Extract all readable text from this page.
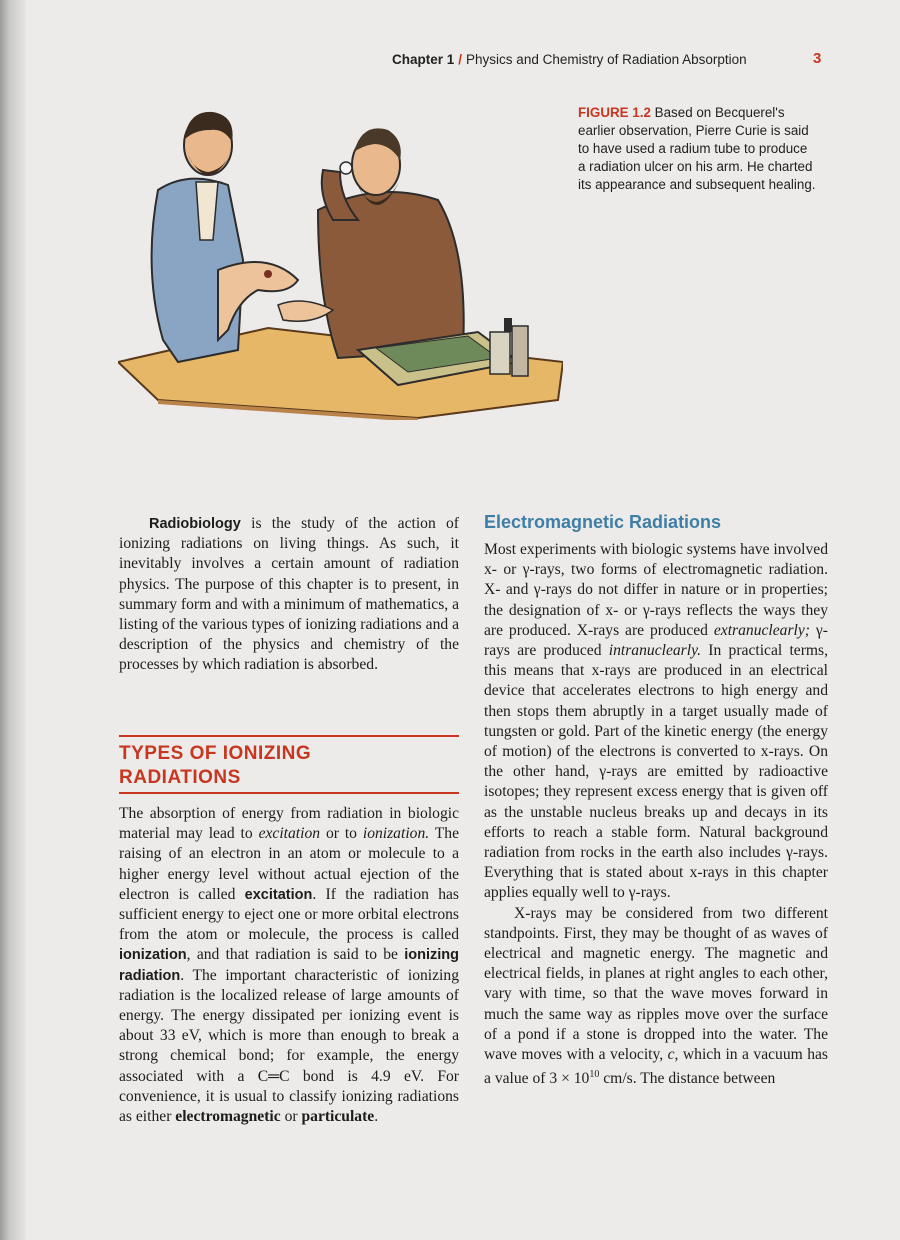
Chapter 1 / Physics and Chemistry of Radiation Absorption	3
FIGURE 1.2 Based on Becquerel's earlier observation, Pierre Curie is said to have used a radium tube to produce a radiation ulcer on his arm. He charted its appearance and subsequent healing.

Radiobiology is the study of the action of ionizing radiations on living things. As such, it inevitably involves a certain amount of radiation physics. The purpose of this chapter is to present, in summary form and with a minimum of mathematics, a listing of the various types of ionizing radiations and a description of the physics and chemistry of the processes by which radiation is absorbed.

TYPES OF IONIZING
RADIATIONS

The absorption of energy from radiation in biologic material may lead to excitation or to ionization. The raising of an electron in an atom or molecule to a higher energy level without actual ejection of the electron is called excitation. If the radiation has sufficient energy to eject one or more orbital electrons from the atom or molecule, the process is called ionization, and that radiation is said to be ionizing radiation. The important characteristic of ionizing radiation is the localized release of large amounts of energy. The energy dissipated per ionizing event is about 33 eV, which is more than enough to break a strong chemical bond; for example, the energy associated with a C═C bond is 4.9 eV. For convenience, it is usual to classify ionizing radiations as either electromagnetic or particulate.

Electromagnetic Radiations

Most experiments with biologic systems have involved x- or γ-rays, two forms of electromagnetic radiation. X- and γ-rays do not differ in nature or in properties; the designation of x- or γ-rays reflects the ways they are produced. X-rays are produced extranuclearly; γ-rays are produced intranuclearly. In practical terms, this means that x-rays are produced in an electrical device that accelerates electrons to high energy and then stops them abruptly in a target usually made of tungsten or gold. Part of the kinetic energy (the energy of motion) of the electrons is converted to x-rays. On the other hand, γ-rays are emitted by radioactive isotopes; they represent excess energy that is given off as the unstable nucleus breaks up and decays in its efforts to reach a stable form. Natural background radiation from rocks in the earth also includes γ-rays. Everything that is stated about x-rays in this chapter applies equally well to γ-rays.

X-rays may be considered from two different standpoints. First, they may be thought of as waves of electrical and magnetic energy. The magnetic and electrical fields, in planes at right angles to each other, vary with time, so that the wave moves forward in much the same way as ripples move over the surface of a pond if a stone is dropped into the water. The wave moves with a velocity, c, which in a vacuum has a value of $3 \times 10^{10}$ cm/s. The distance between
